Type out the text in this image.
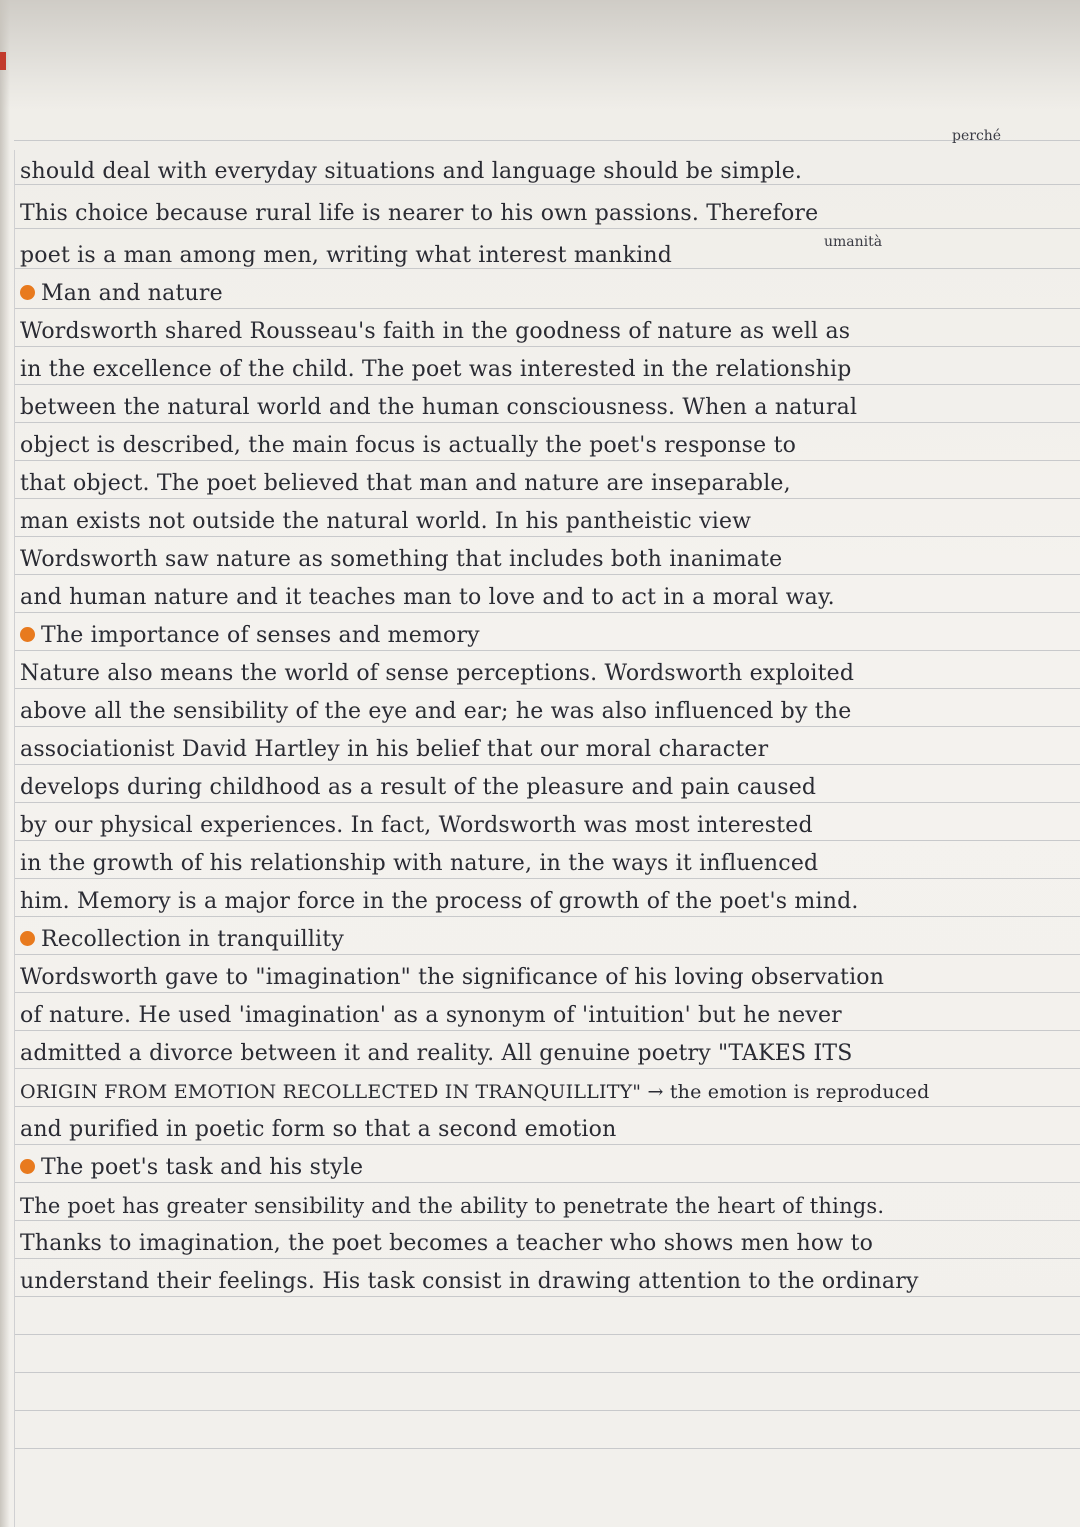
perché
umanità
should deal with everyday situations and language should be simple.
This choice because rural life is nearer to his own passions. Therefore
poet is a man among men, writing what interest mankind
Man and nature
Wordsworth shared Rousseau's faith in the goodness of nature as well as
in the excellence of the child. The poet was interested in the relationship
between the natural world and the human consciousness. When a natural
object is described, the main focus is actually the poet's response to
that object. The poet believed that man and nature are inseparable,
man exists not outside the natural world. In his pantheistic view
Wordsworth saw nature as something that includes both inanimate
and human nature and it teaches man to love and to act in a moral way.
The importance of senses and memory
Nature also means the world of sense perceptions. Wordsworth exploited
above all the sensibility of the eye and ear; he was also influenced by the
associationist David Hartley in his belief that our moral character
develops during childhood as a result of the pleasure and pain caused
by our physical experiences. In fact, Wordsworth was most interested
in the growth of his relationship with nature, in the ways it influenced
him. Memory is a major force in the process of growth of the poet's mind.
Recollection in tranquillity
Wordsworth gave to "imagination" the significance of his loving observation
of nature. He used 'imagination' as a synonym of 'intuition' but he never
admitted a divorce between it and reality. All genuine poetry "TAKES ITS
ORIGIN FROM EMOTION RECOLLECTED IN TRANQUILLITY" → the emotion is reproduced
and purified in poetic form so that a second emotion
The poet's task and his style
The poet has greater sensibility and the ability to penetrate the heart of things.
Thanks to imagination, the poet becomes a teacher who shows men how to
understand their feelings. His task consist in drawing attention to the ordinary
